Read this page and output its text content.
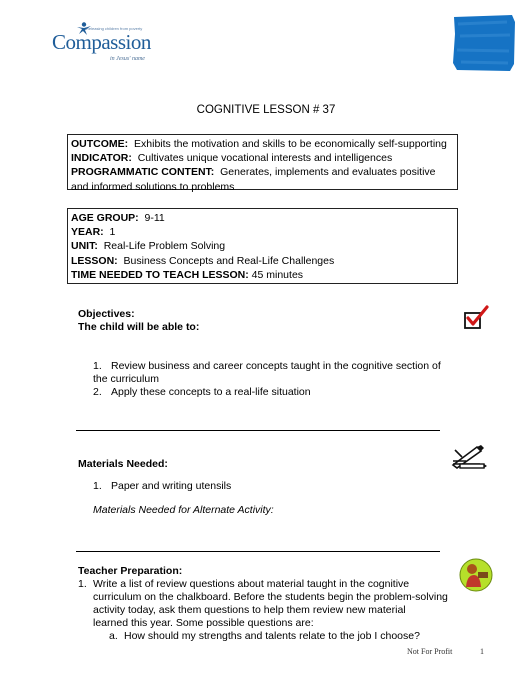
Releasing children from poverty
Compassion
in Jesus' name
COGNITIVE LESSON # 37

OUTCOME: Exhibits the motivation and skills to be economically self-supporting

INDICATOR: Cultivates unique vocational interests and intelligences

PROGRAMMATIC CONTENT: Generates, implements and evaluates positive

and informed solutions to problems

AGE GROUP: 9-11

YEAR: 1

UNIT: Real-Life Problem Solving

LESSON: Business Concepts and Real-Life Challenges

TIME NEEDED TO TEACH LESSON: 45 minutes

Objectives:
The child will be able to:
1. Review business and career concepts taught in the cognitive section of
the curriculum
2. Apply these concepts to a real-life situation
Materials Needed:
1. Paper and writing utensils
Materials Needed for Alternate Activity:
Teacher Preparation:
1. Write a list of review questions about material taught in the cognitive
curriculum on the chalkboard. Before the students begin the problem-solving
activity today, ask them questions to help them review new material
learned this year. Some possible questions are:
a. How should my strengths and talents relate to the job I choose?
Not For Profit	1
